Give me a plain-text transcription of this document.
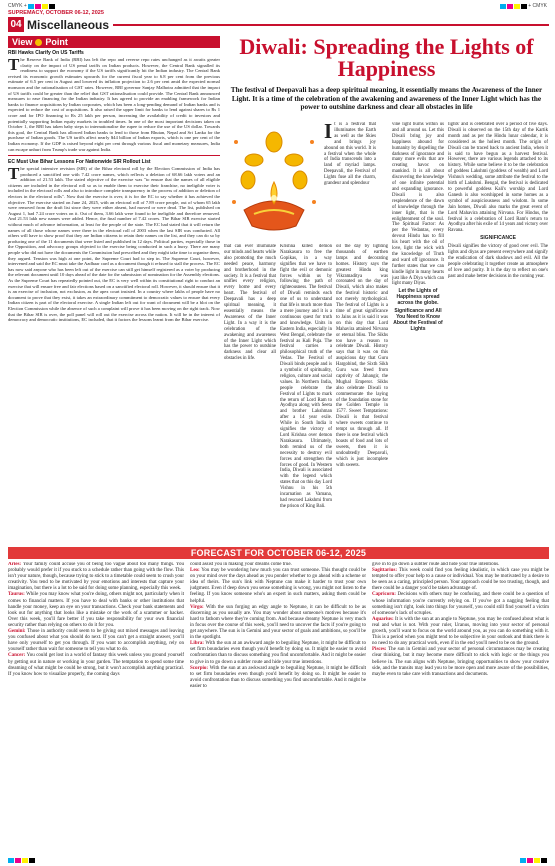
CMYK +	+ CMYK
SUPREMACY, OCTOBER 06-12, 2025
04 Miscellaneous
View Point
RBI Hawks Clarify On US Tariffs
The Reserve Bank of India (RBI) has left the repo and reverse repo rates unchanged as it awaits greater clarity on the impact of US penal tariffs on Indian products. However, the Central Bank signalled its readiness to support the economy if the US tariffs significantly hit the Indian industry. The Central Bank revised its economic growth estimates upwards for the current fiscal year to 6.8 per cent from the previous estimate of 6.5 per cent in August and lowered its inflation projection to 2.6 per cent amid the expected normal monsoon and the rationalisation of GST rates. However, RBI governor Sanjay Malhotra admitted that the impact of US tariffs could be greater than the relief that GST rationalisation could provide. The Central Bank announced measures to ease financing for the Indian industry. It has agreed to provide an enabling framework for Indian banks to finance acquisitions by Indian corporates, which has been a long-pending demand of Indian banks and is expected to reduce the cost of acquisitions. It also raised the upper limit for banks to lend against shares to Rs 1 crore and for IPO financing to Rs 25 lakh per person, increasing the availability of credit to investors and potentially supporting Indian equity markets in troubled times. In one of the most important decisions taken on October 1, the RBI has taken baby steps to internationalise the rupee to reduce the use of the US dollar. Towards this goal, the Central Bank has allowed Indian banks to lend to those from Bhutan, Nepal and Sri Lanka for the purchase of Indian goods. The US tariffs affect nearly $44 billion of Indian exports, which is one per cent of the Indian economy. If the GDP is raised beyond eight per cent through various fiscal and monetary measures, India can escape unhurt from Trump's trade war against India.
EC Must Use Bihar Lessons For Nationwide SIR Rollout List
The special intensive revision (SIR) of the Bihar electoral roll by the Election Commission of India has produced a sanctified one with 7.42 crore names, which reflects a deletion of 68.66 lakh voters and an addition of 21.53 lakh. The stated objective of the exercise was "to ensure that the names of all eligible citizens are included in the electoral roll so as to enable them to exercise their franchise, no ineligible voter is included in the electoral rolls and also to introduce complete transparency in the process of addition or deletion of electors in the electoral rolls". Now that the exercise is over, it is for the EC to say whether it has achieved the objective. The exercise started on June 24, 2025, with an electoral roll of 7.89 crore people, out of whom 65 lakh were removed from the draft list since they were either absent, had moved or were dead. The list, published on August 1, had 7.24 crore voters on it. Out of them, 3.66 lakh were found to be ineligible and therefore removed. And 21.53 lakh new names were added. Hence, the final number of 7.42 crores. The Bihar SIR exercise started without much of advance information, at least for the people of the state. The EC had stated that it will return the names of all those whose names were there in the electoral roll of 2003 when the last SIR was conducted. All others will have to show proof that they are Indian citizens to retain their names on the list, and they can do so by producing one of the 11 documents that were listed and published in 12 days. Political parties, especially those in the Opposition, and advocacy groups objected to the exercise being conducted in such a hurry. There are many people who did not have the documents the Commission had prescribed and they might take time to organise them, they argued. Tension was high at one point, the Supreme Court had to step in. The Supreme Court, however, intervened and said the EC must take the Aadhaar card as a document though it refused to stall the process. The EC has now said anyone who has been left out of the exercise can still get himself registered as a voter by producing the relevant document until 10 days ahead of the date for the submission of nomination for the Assembly elections. As the Supreme Court has repeatedly pointed out, the EC is very well within its constitutional right to conduct an exercise that will ensure free and fair elections based on a sanctified electoral roll. However, it should ensure that it is an exercise of inclusion, not exclusion, as the apex court insisted. In a country where lakhs of people have no document to prove that they exist, it takes an extraordinary commitment to democratic values to ensure that every Indian citizen is part of the electoral exercise. A single Indian left out for want of document will be a blot on the Election Commission while the absence of such a complaint will prove it has been moving on the right track. Now that the Bihar SIR is over, the poll panel will roll out the exercise across the nation. It will be in the interest of democracy and democratic institutions, EC included, that it factors the lessons learnt from the Bihar exercise.
Diwali: Spreading the Lights of Happiness
The festival of Deepavali has a deep spiritual meaning, it essentially means the Awareness of the Inner Light. It is a time of the celebration of the awakening and awareness of the Inner Light which has the power to outshine darkness and clear all obstacles in life
It is a festival that illuminates the Earth as well as the Skies and brings joy abound on this world. It is a festival when the whole of India transcends into a land of myriad lamps. Deepavali, the Festival of Lights fuse all the charm, grandeur and splendour
that can ever illuminate our minds and hearts while also promoting the much needed peace, harmony and brotherhood in the society. It is a festival that unifies every religion, every home and every heart. The festival of Deepavali has a deep spiritual meaning, it essentially means the Awareness of the Inner Light. In a way it is the celebration of the awakening and awareness of the Inner Light which has the power to outshine darkness and clear all obstacles in life.
Krishna killed demon Narakasura to free the Gopikas, in a way signifies that we have to fight the evil or demonic forces within us by following the path of righteousness. The festival of Diwali reminds each one of us to understand that life is much more than a mere journey and it is a continuous quest for truth and knowledge. Units in Eastern India, especially in West Bengal, celebrate the festival as Kali Puja. The festival carries a philosophical truth of the Vedas. The Festival of Diwali binds people and is a symbolic of spirituality, religion, culture and social values. In Northern India, people celebrate the Festival of Lights to mark the return of Lord Ram to Ayodhya along with Seeta and brother Lakshman after a 14 year exile. While in South India it signifies the victory of Lord Krishna over demon Narakasura. Ultimately, both remind us of the necessity to destroy evil forces and strengthen the forces of good. In Western India, Diwali is associated with the legend which states that on this day Lord Vishnu in his 5th incarnation as Vamana, had rescued Lakshmi from the prison of King Bali.
oil the day by lighting thousands of earthen lamps and decorating homes. History says the greatest Hindu king Vikramaditya was coronated on the day of Diwali, which also makes the festival historic and not merely mythological. The festival of Lights is a time of great significance to Jains as it is said it was on this day that Lord Mahavira attained Nirvana or eternal bliss. The Sikhs too have a reason to celebrate Diwali. History says that it was on this auspicious day that Guru Hargobind, the Sixth Sikh Guru was freed from captivity of Jahangir, the Mughal Emperor. Sikhs also celebrate Diwali to commemorate the laying of the foundation stone for the Golden Temple in 1577. Sweet Temptations: Diwali is that festival where sweets continue to tempt us through all. If there is one festival which boasts of food and lots of sweets, then it is undoubtedly Deepavali, which is just incomplete with sweets.
vine light burns within us and all around us. Let this Diwali bring joy and happiness abound for humanity by dispelling the darkness of ignorance and many more evils that are creating havoc on mankind. It is all about discovering the knowledge of one infinite potential and expanding ignorance. Diwali is also resplendence of the dawn of knowledge through the inner light, that is the enlightenment of the soul. The Spiritual Factor: As per the Vedantas, every devout Hindu has to fill his heart with the oil of love, light the wick with the knowledge of Truth and ward off ignorance. It further states that we can kindle light in many hearts just like A Diya which can light many Diyas.
Let the Lights of Happiness spread across the globe.
Significance and All You Need to Know About the Festival of Lights
lights' and is celebrated over a period of five days. Diwali is observed on the 15th day of the Kartik month and as per the Hindu lunar calendar, it is considered as the holiest month. The origin of Diwali can be traced back to ancient India, when it is said to have begun as a harvest festival. However, there are various legends attached to its history. While some believe it to be the celebration of goddess Lakshmi (goddess of wealth) and Lord Vishnu's wedding, some attribute the festival to the birth of Lakshmi. Bengal, the festival is dedicated to powerful goddess Kali's worship and Lord Ganesh is also worshipped in some homes as a symbol of auspiciousness and wisdom. In some Jain homes, Diwali also marks the great event of Lord Mahavira attaining Nirvana. For Hindus, the festival is a celebration of Lord Ram's return to Ayodhya after his exile of 14 years and victory over Ravana.
SIGNIFICANCE
Diwali signifies the victory of good over evil. The lights and diyas are present everywhere and signify the eradication of dark shadows and evil. All the people celebrating it together create an atmosphere of love and purity. It is the day to reflect on one's past and make better decisions in the coming year.
FORECAST FOR OCTOBER 06-12, 2025

Aries: Your family could accuse you of being too vague about too many things. You probably would prefer it if you stuck to a schedule rather than going with the flow. This isn't your nature, though, because trying to stick to a timetable could seem to crush your creativity. You tend to be motivated by your emotions and interests that capture your imagination, but there is a lot to be said for doing some planning, especially this week.

Taurus: While you may know what you're doing, others might not, particularly when it comes to financial matters. If you have to deal with banks or other institutions that handle your money, keep an eye on your transactions. Check your bank statements and look out for anything that looks like a mistake or the work of a scammer or hacker. Over this week, you'll fare better if you take responsibility for your own financial security rather than relying on others to do it for you.

Gemini: Those in authority could seem to be giving out mixed messages and leaving you confused about what you should do next. If you can't get a straight answer, you'll have only yourself to get you through. If you want to accomplish anything, rely on yourself rather than wait for someone to tell you what to do.

Cancer: You could get lost in a world of fantasy this week unless you ground yourself by getting out in nature or working in your garden. The temptation to spend some time dreaming of what might be could be strong, but it won't accomplish anything practical. If you know how to visualize properly, the coming days

could assist you in making your dreams come true.

Leo: You may be wondering how much you can trust someone. This thought could be on your mind over the days ahead as you ponder whether to go ahead with a scheme or idea of theirs. The sun's link with Neptune can make it harder to trust your own judgment. Even if deep down you sense something is wrong, you might not listen to the feeling. If you know someone who's an expert in such matters, asking them could be helpful.

Virgo: With the sun forging an edgy angle to Neptune, it can be difficult to be as discerning as you usually are. You may wonder about someone's motives because it's hard to fathom where they're coming from. And because dreamy Neptune is very much in focus over the course of this week, you'll need to uncover the facts if you're going to get anywhere. The sun is in Gemini and your sector of goals and ambitions, so you'll be in the spotlight.

Libra: With the sun at an awkward angle to beguiling Neptune, it might be difficult to set firm boundaries even though you'd benefit by doing so. It might be easier to avoid confrontation than to discuss something you find uncomfortable. And it might be easier to give in to go down a subtler route and hide your true intentions.

Scorpio: With the sun at an awkward angle to beguiling Neptune, it might be difficult to set firm boundaries even though you'd benefit by doing so. It might be easier to avoid confrontation than to discuss something you find uncomfortable. And it might be easier to

give in to go down a subtler route and hide your true intentions.

Sagittarius: This week could find you feeling idealistic, in which case you might be tempted to offer your help to a cause or individual. You may be motivated by a desire to be seen as a caring, principled person. Your approach could be too trusting, though, and there could be a danger you'd be taken advantage of.

Capricorn: Decisions with others may be confusing, and there could be a question of whose information you're currently relying on. If you've got a nagging feeling that something isn't right, look into things for yourself, you could still find yourself a victim of someone's lack of scruples.

Aquarius: It is with the sun at an angle to Neptune, you may be confused about what is real and what is not. With your ruler, Uranus, moving into your sector of personal growth, you'll want to focus on the world around you, as you can do something with it. This is a period when you might tend to be subjective in your outlook and think there is no need to do any practical work, even if in the end you'll need to be on the ground.

Pisces: The sun in Gemini and your sector of personal circumstances may be creating clear thinking, but it may become more difficult to stick with logic or the things you believe in. The sun aligns with Neptune, bringing opportunities to show your creative side, and the transits may lead you to be more open and more aware of the possibilities, maybe even to take care with transactions and documents.
